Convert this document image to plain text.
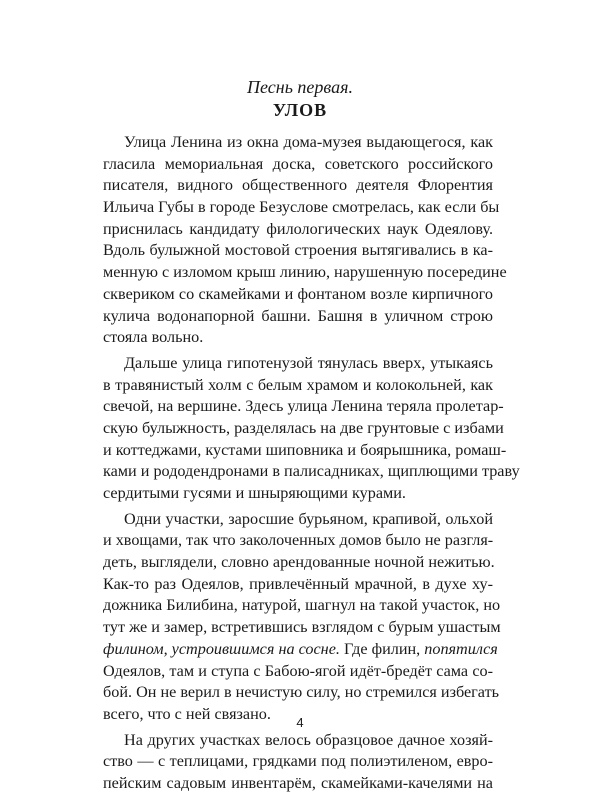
Песнь первая.
УЛОВ
Улица Ленина из окна дома-музея выдающегося, как
гласила мемориальная доска, советского российского
писателя, видного общественного деятеля Флорентия
Ильича Губы в городе Безуслове смотрелась, как если бы
приснилась кандидату филологических наук Одеялову.
Вдоль булыжной мостовой строения вытягивались в ка-
менную с изломом крыш линию, нарушенную посередине
сквериком со скамейками и фонтаном возле кирпичного
кулича водонапорной башни. Башня в уличном строю
стояла вольно.
Дальше улица гипотенузой тянулась вверх, утыкаясь
в травянистый холм с белым храмом и колокольней, как
свечой, на вершине. Здесь улица Ленина теряла пролетар-
скую булыжность, разделялась на две грунтовые с избами
и коттеджами, кустами шиповника и боярышника, ромаш-
ками и рододендронами в палисадниках, щиплющими траву
сердитыми гусями и шныряющими курами.
Одни участки, заросшие бурьяном, крапивой, ольхой
и хвощами, так что заколоченных домов было не разгля-
деть, выглядели, словно арендованные ночной нежитью.
Как-то раз Одеялов, привлечённый мрачной, в духе ху-
дожника Билибина, натурой, шагнул на такой участок, но
тут же и замер, встретившись взглядом с бурым ушастым
филином, устроившимся на сосне. Где филин, попятился
Одеялов, там и ступа с Бабою-ягой идёт-бредёт сама со-
бой. Он не верил в нечистую силу, но стремился избегать
всего, что с ней связано.
На других участках велось образцовое дачное хозяй-
ство — с теплицами, грядками под полиэтиленом, евро-
пейским садовым инвентарём, скамейками-качелями на
4
